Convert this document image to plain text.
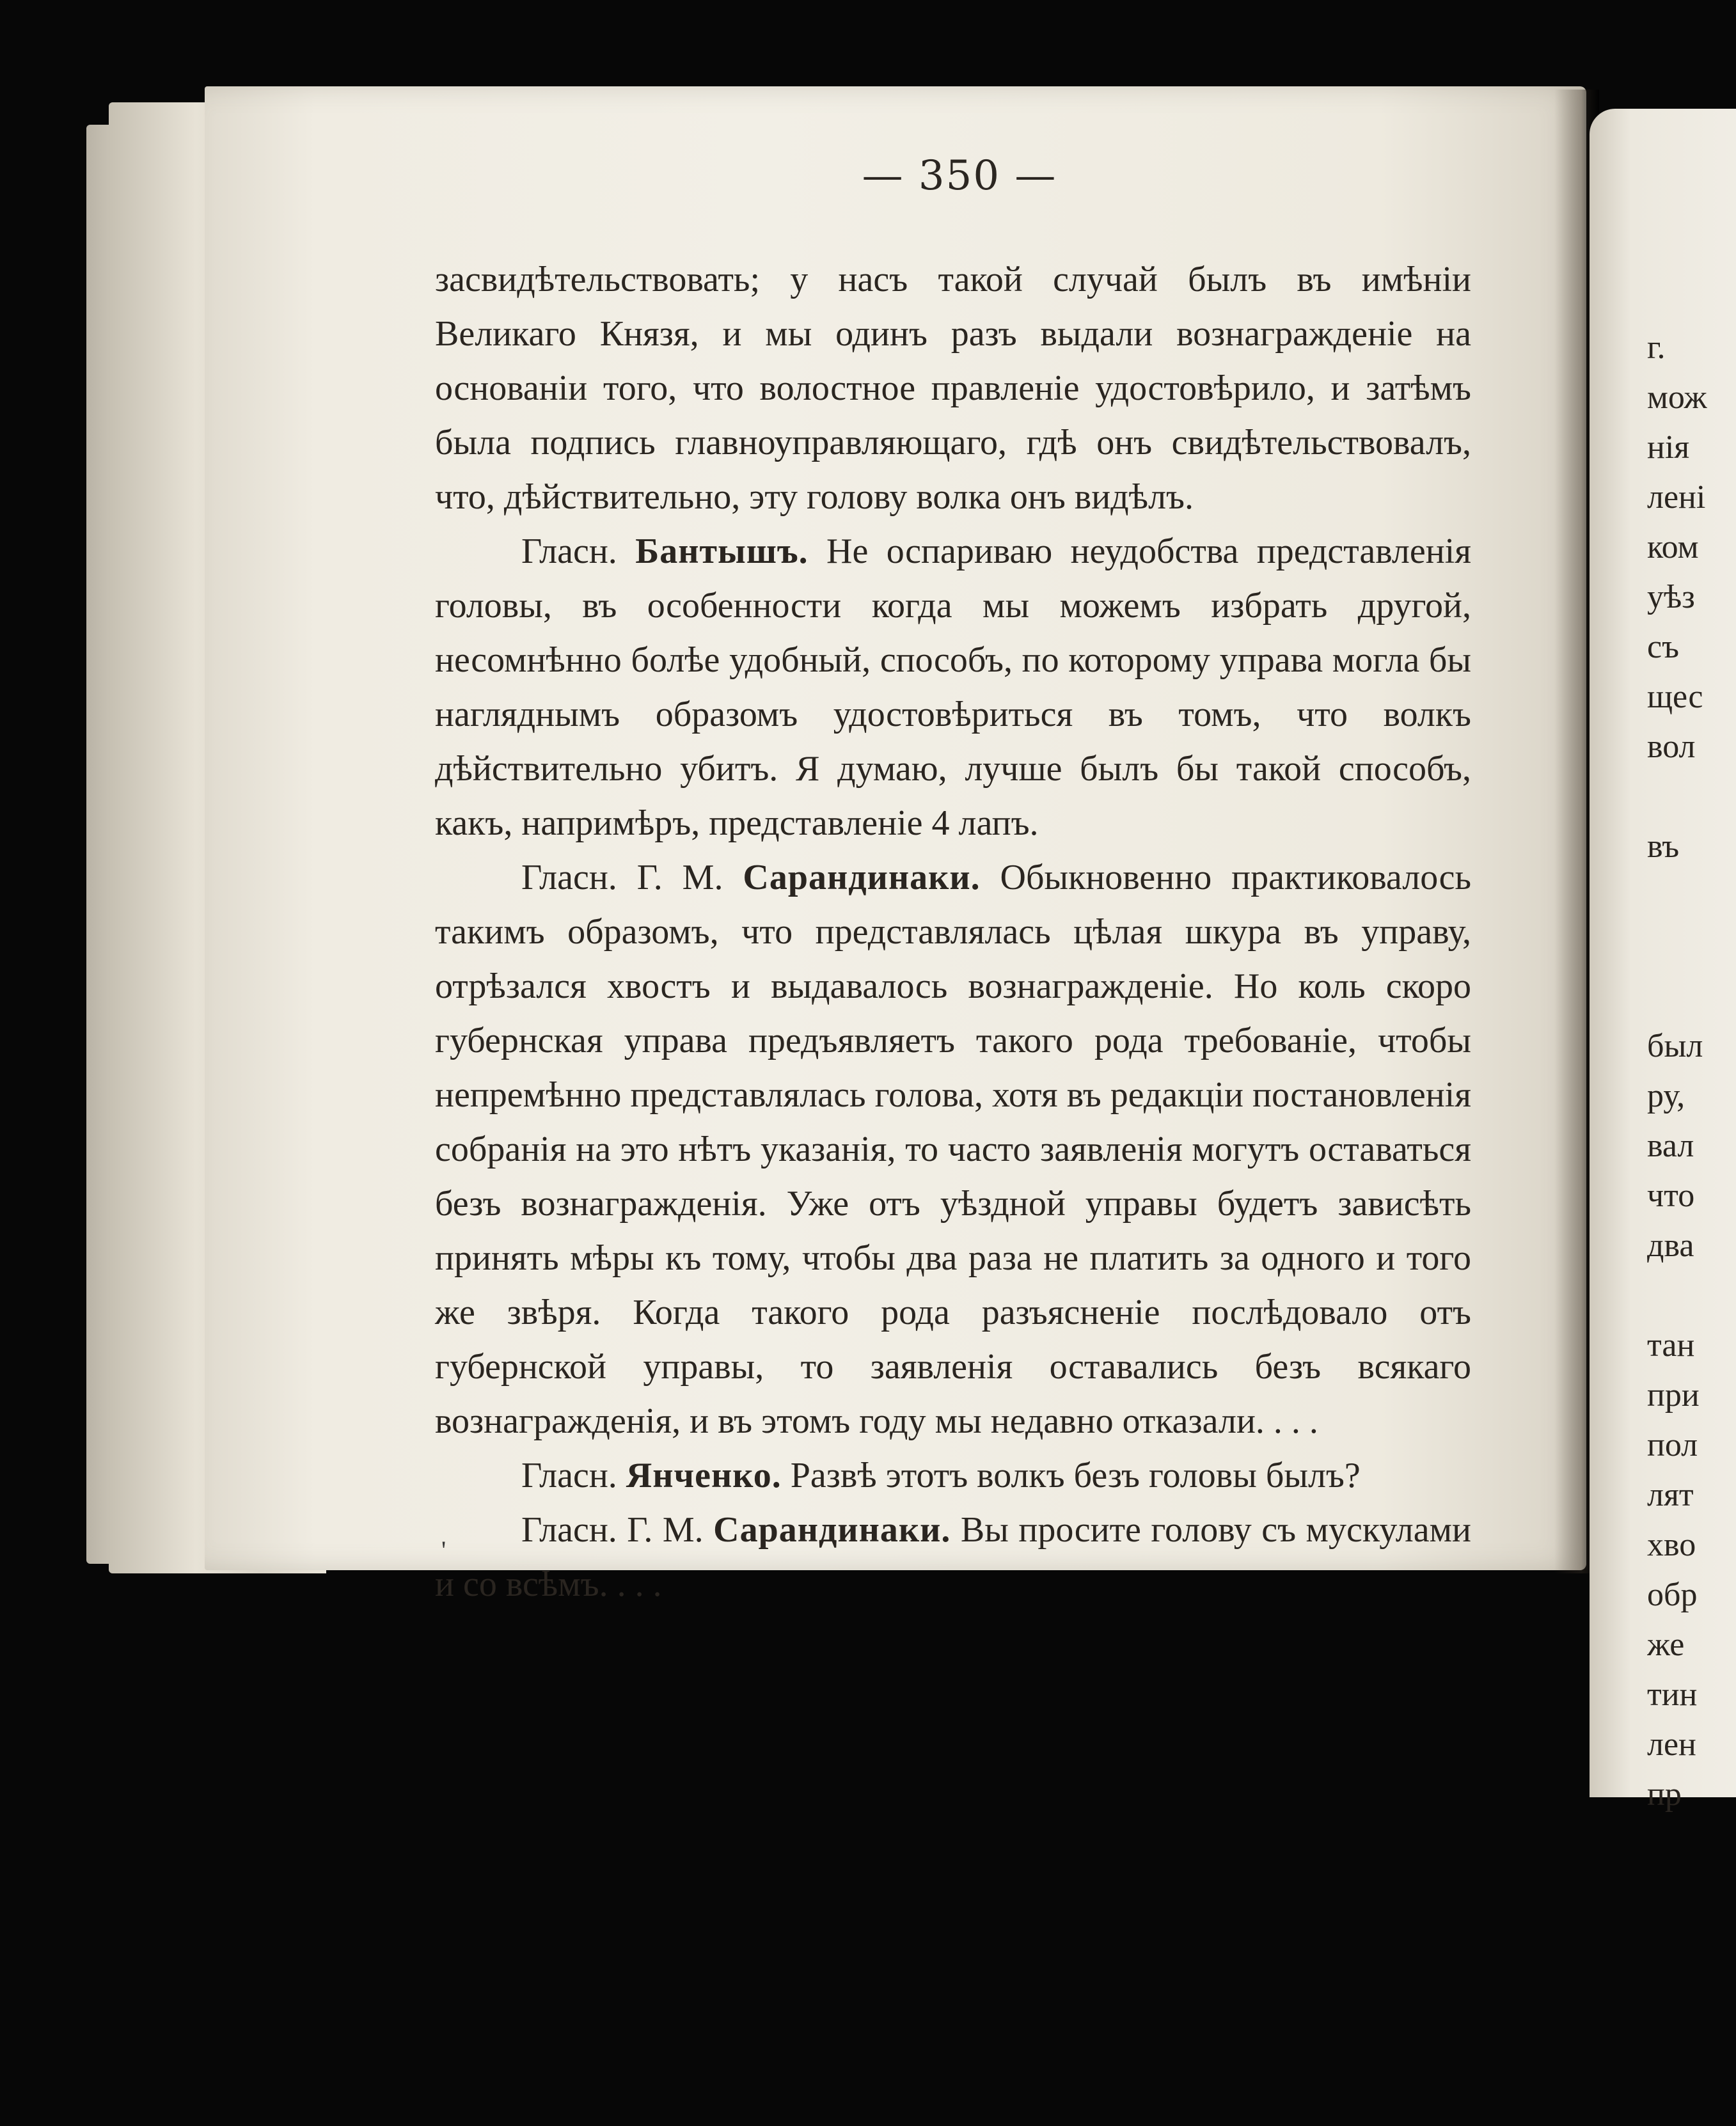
— 350 —

засвидѣтельствовать; у насъ такой случай былъ въ имѣніи Великаго Князя, и мы одинъ разъ выдали вознагражденіе на основаніи того, что волостное правленіе удостовѣрило, и затѣмъ была подпись главноуправляющаго, гдѣ онъ свидѣтельствовалъ, что, дѣйствительно, эту голову волка онъ видѣлъ.

Гласн. Бантышъ. Не оспариваю неудобства представленія головы, въ особенности когда мы можемъ избрать другой, несомнѣнно болѣе удобный, способъ, по которому управа могла бы нагляднымъ образомъ удостовѣриться въ томъ, что волкъ дѣйствительно убитъ. Я думаю, лучше былъ бы такой способъ, какъ, напримѣръ, представленіе 4 лапъ.

Гласн. Г. М. Сарандинаки. Обыкновенно практиковалось такимъ образомъ, что представлялась цѣлая шкура въ управу, отрѣзался хвостъ и выдавалось вознагражденіе. Но коль скоро губернская управа предъявляетъ такого рода требованіе, чтобы непремѣнно представлялась голова, хотя въ редакціи постановленія собранія на это нѣтъ указанія, то часто заявленія могутъ оставаться безъ вознагражденія. Уже отъ уѣздной управы будетъ зависѣть принять мѣры къ тому, чтобы два раза не платить за одного и того же звѣря. Когда такого рода разъясненіе послѣдовало отъ губернской управы, то заявленія оставались безъ всякаго вознагражденія, и въ этомъ году мы недавно отказали. . . .

Гласн. Янченко. Развѣ этотъ волкъ безъ головы былъ?

Гласн. Г. М. Сарандинаки. Вы просите голову съ мускулами и со всѣмъ. . . .

'
г.
мож
нія
лені
ком
уѣз
съ
щес
вол
въ
был
ру,
вал
что
два
тан
при
пол
лят
хво
обр
же
тин
лен
пр
